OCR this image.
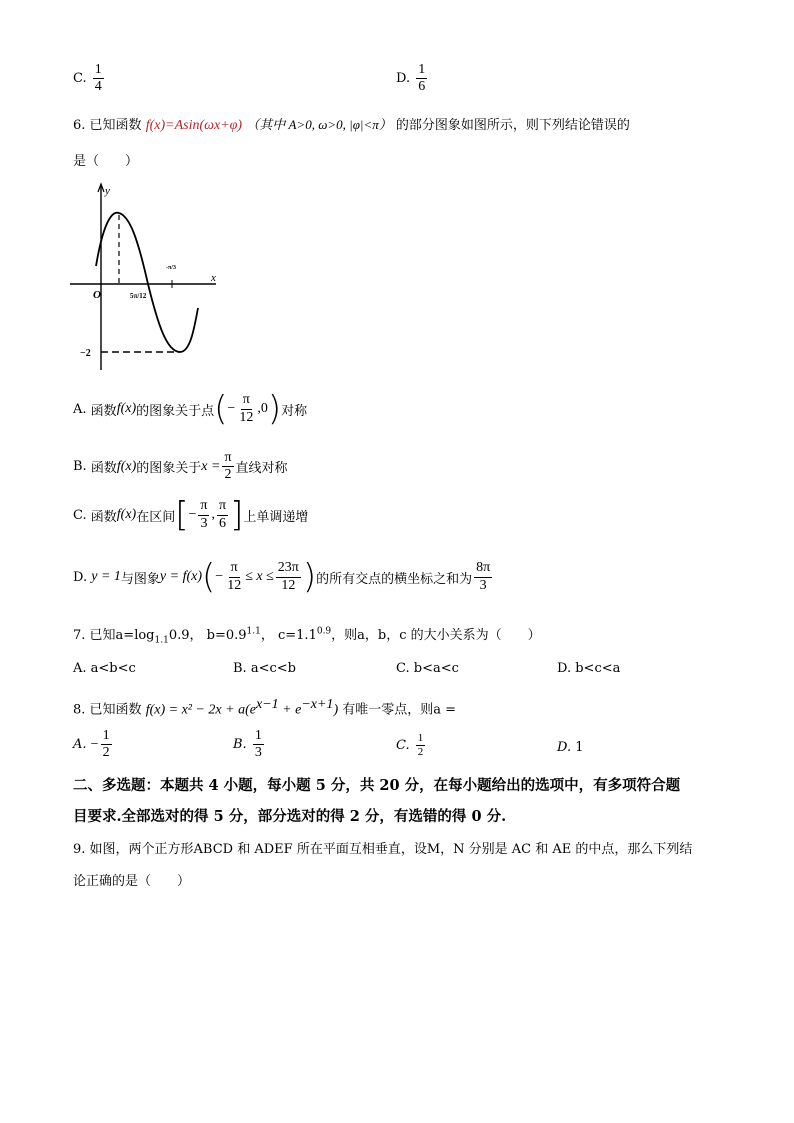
C. $\frac{1}{4}$	D. $\frac{1}{6}$
6. 已知函数 f(x)=Asin(ωx+φ) （其中 A>0, ω>0, |φ|<π） 的部分图象如图所示，则下列结论错误的
是（　　）
y
x
O	5π/12
-π/3
−2
A.
函数 f(x) 的图象关于点 ( − $\frac{\pi}{12} ,0$ ) 对称
B.
函数 f(x) 的图象关于 $x = \frac{\pi}{2}$ 直线对称
C.
函数 f(x) 在区间 [ − $\frac{\pi}{3}$ , $\frac{\pi}{6}$ ] 上单调递增
D.
y = 1 与图象 y = f(x) ( − $\frac{\pi}{12} \le x \le \frac{23\pi}{12}$ ) 的所有交点的横坐标之和为 $\frac{8\pi}{3}$
7. 已知$a=\log_{1.1}0.9$， $b=0.9^{1.1}$， $c=1.1^{0.9}$，则a，b，c 的大小关系为（　　）
A. a<b<c	B. a<c<b	C. b<a<c	D. b<c<a
8. 已知函数 $f(x) = x^2 - 2x + a(e^{x-1} + e^{-x+1})$ 有唯一零点，则a =
A.
− $\frac{1}{2}$	B.
$\frac{1}{3}$	C.
$\frac{1}{2}$	D. 1
二、多选题：本题共 4 小题，每小题 5 分，共 20 分，在每小题给出的选项中，有多项符合题
目要求.全部选对的得 5 分，部分选对的得 2 分，有选错的得 0 分.
9. 如图，两个正方形ABCD 和 ADEF 所在平面互相垂直，设M，N 分别是 AC 和 AE 的中点，那么下列结
论正确的是（　　）
